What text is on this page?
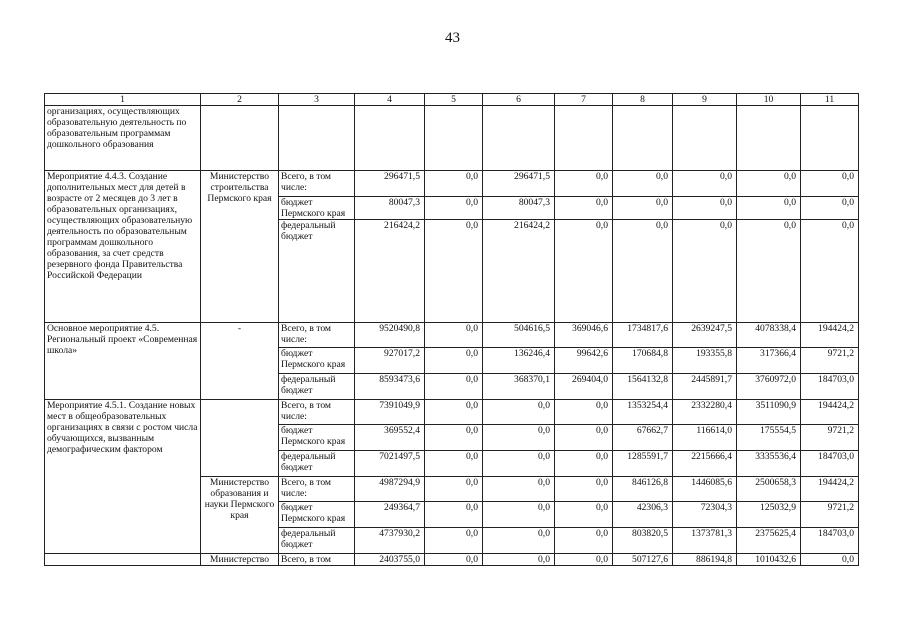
43
1	2	3	4	5	6	7	8	9	10	11
организациях, осуществляющих образовательную деятельность по образовательным программам дошкольного образования										
Мероприятие 4.4.3. Создание дополнительных мест для детей в возрасте от 2 месяцев до 3 лет в образовательных организациях, осуществляющих образовательную деятельность по образовательным программам дошкольного образования, за счет средств резервного фонда Правительства Российской Федерации	Министерство строительства Пермского края	Всего, в том числе:	296471,5	0,0	296471,5	0,0	0,0	0,0	0,0	0,0
		бюджет Пермского края	80047,3	0,0	80047,3	0,0	0,0	0,0	0,0	0,0
		федеральный бюджет	216424,2	0,0	216424,2	0,0	0,0	0,0	0,0	0,0
Основное мероприятие 4.5. Региональный проект «Современная школа»	-	Всего, в том числе:	9520490,8	0,0	504616,5	369046,6	1734817,6	2639247,5	4078338,4	194424,2
		бюджет Пермского края	927017,2	0,0	136246,4	99642,6	170684,8	193355,8	317366,4	9721,2
		федеральный бюджет	8593473,6	0,0	368370,1	269404,0	1564132,8	2445891,7	3760972,0	184703,0
Мероприятие 4.5.1. Создание новых мест в общеобразовательных организациях в связи с ростом числа обучающихся, вызванным демографическим фактором		Всего, в том числе:	7391049,9	0,0	0,0	0,0	1353254,4	2332280,4	3511090,9	194424,2
		бюджет Пермского края	369552,4	0,0	0,0	0,0	67662,7	116614,0	175554,5	9721,2
		федеральный бюджет	7021497,5	0,0	0,0	0,0	1285591,7	2215666,4	3335536,4	184703,0
	Министерство образования и науки Пермского края	Всего, в том числе:	4987294,9	0,0	0,0	0,0	846126,8	1446085,6	2500658,3	194424,2
		бюджет Пермского края	249364,7	0,0	0,0	0,0	42306,3	72304,3	125032,9	9721,2
		федеральный бюджет	4737930,2	0,0	0,0	0,0	803820,5	1373781,3	2375625,4	184703,0
	Министерство	Всего, в том	2403755,0	0,0	0,0	0,0	507127,6	886194,8	1010432,6	0,0
